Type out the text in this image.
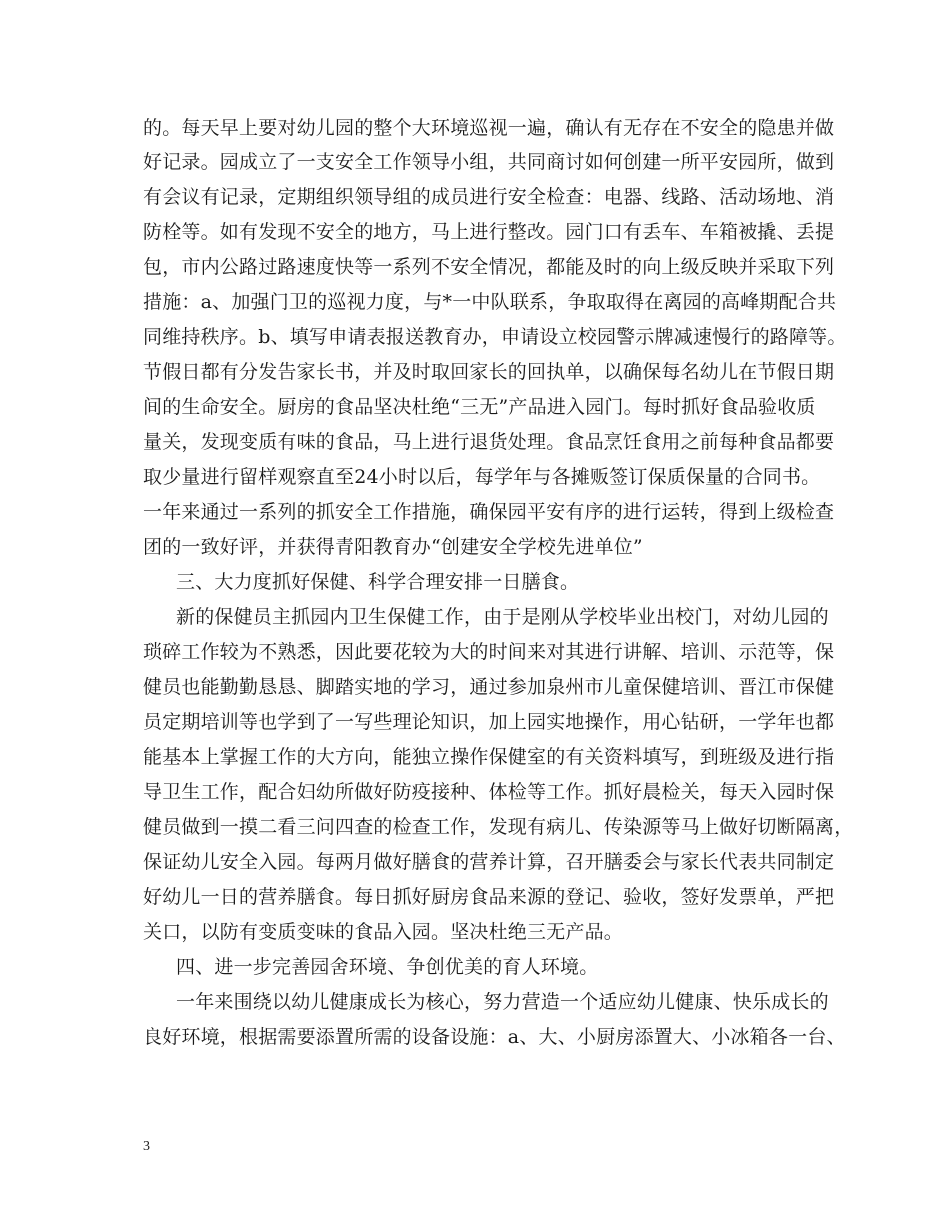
的。每天早上要对幼儿园的整个大环境巡视一遍，确认有无存在不安全的隐患并做
好记录。园成立了一支安全工作领导小组，共同商讨如何创建一所平安园所，做到
有会议有记录，定期组织领导组的成员进行安全检查：电器、线路、活动场地、消
防栓等。如有发现不安全的地方，马上进行整改。园门口有丢车、车箱被撬、丢提
包，市内公路过路速度快等一系列不安全情况，都能及时的向上级反映并采取下列
措施：a、加强门卫的巡视力度，与*一中队联系，争取取得在离园的高峰期配合共
同维持秩序。b、填写申请表报送教育办，申请设立校园警示牌减速慢行的路障等。
节假日都有分发告家长书，并及时取回家长的回执单，以确保每名幼儿在节假日期
间的生命安全。厨房的食品坚决杜绝“三无”产品进入园门。每时抓好食品验收质
量关，发现变质有味的食品，马上进行退货处理。食品烹饪食用之前每种食品都要
取少量进行留样观察直至24小时以后，每学年与各摊贩签订保质保量的合同书。
一年来通过一系列的抓安全工作措施，确保园平安有序的进行运转，得到上级检查
团的一致好评，并获得青阳教育办“创建安全学校先进单位”
三、大力度抓好保健、科学合理安排一日膳食。
新的保健员主抓园内卫生保健工作，由于是刚从学校毕业出校门，对幼儿园的
琐碎工作较为不熟悉，因此要花较为大的时间来对其进行讲解、培训、示范等，保
健员也能勤勤恳恳、脚踏实地的学习，通过参加泉州市儿童保健培训、晋江市保健
员定期培训等也学到了一写些理论知识，加上园实地操作，用心钻研，一学年也都
能基本上掌握工作的大方向，能独立操作保健室的有关资料填写，到班级及进行指
导卫生工作，配合妇幼所做好防疫接种、体检等工作。抓好晨检关，每天入园时保
健员做到一摸二看三问四查的检查工作，发现有病儿、传染源等马上做好切断隔离，
保证幼儿安全入园。每两月做好膳食的营养计算，召开膳委会与家长代表共同制定
好幼儿一日的营养膳食。每日抓好厨房食品来源的登记、验收，签好发票单，严把
关口，以防有变质变味的食品入园。坚决杜绝三无产品。
四、进一步完善园舍环境、争创优美的育人环境。
一年来围绕以幼儿健康成长为核心，努力营造一个适应幼儿健康、快乐成长的
良好环境，根据需要添置所需的设备设施：a、大、小厨房添置大、小冰箱各一台、
3
